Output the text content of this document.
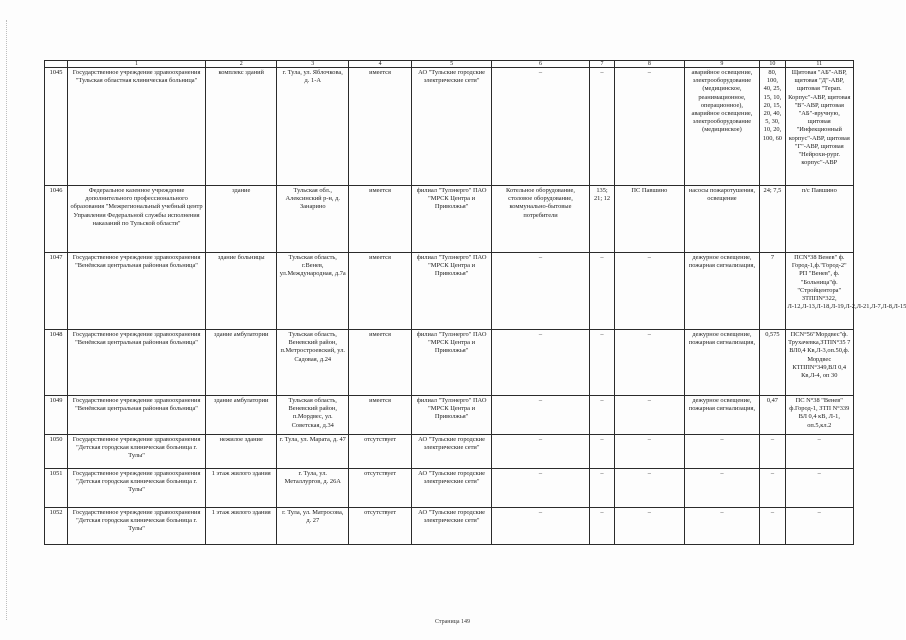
	1	2	3	4	5	6	7	8	9	10	11
1045	Государственное учреждение здравоохранения "Тульская областная клиническая больница"	комплекс зданий	г. Тула, ул. Яблочкова, д. 1-А	имеется	АО "Тульские городские электрические сети"	–	–	–	аварийное освещение, электрооборудование (медицинское, реанимационное, операционное), аварийное освещение, электрооборудование (медицинское)	80, 100, 40, 25, 15, 10, 20, 15, 20, 40, 5, 30, 10, 20, 100, 60	Щитовая "АБ"-АВР, щитовая "Д"-АВР, щитовая "Терап. Корпус"-АВР, щитовая "В"-АВР, щитовая "АБ"-вручную, щитовая "Инфекционный корпус"-АВР, щитовая "Г"-АВР, щитовая "Нейрохи-рург. корпус"-АВР
1046	Федеральное казенное учреждение дополнительного профессионального образования "Межрегиональный учебный центр Управления Федеральной службы исполнения наказаний по Тульской области"	здание	Тульская обл., Алексинский р-н, д. Занарино	имеется	филиал "Тулэнерго" ПАО "МРСК Центра и Приволжья"	Котельное оборудование, столовое оборудование, коммунально-бытовые потребители	135; 21; 12	ПС Павшино	насосы пожаротушения, освещение	24; 7,5	п/с Павшино
1047	Государственное учреждение здравоохранения "Венёвская центральная районная больница"	здание больницы	Тульская область, г.Венев, ул.Международная, д.7а	имеется	филиал "Тулэнерго" ПАО "МРСК Центра и Приволжья"	–	–	–	дежурное освещение, пожарная сигнализация,	7	ПСN°38 Венев" ф. Город-1,ф."Город-2" РП "Венев", ф. "Больница"ф. "Стройцентора" ЗТППN°322, Л-12,Л-13,Л-18,Л-19,Л-2,Л-21,Л-7,Л-8,Л-15
1048	Государственное учреждение здравоохранения "Венёвская центральная районная больница"	здание амбулатории	Тульская область, Веневский район, п.Метростроевский, ул. Садовая, д.24	имеется	филиал "Тулэнерго" ПАО "МРСК Центра и Приволжья"	–	–	–	дежурное освещение, пожарная сигнализация,	0,575	ПСN°56"Мордвес"ф. Трухачевка,ЗТПN°35 7 ВЛ0,4 Кв,Л-3,оп.50,ф. Мордвес КТППN°349,ВЛ 0,4 Кв,Л-4, оп 30
1049	Государственное учреждение здравоохранения "Венёвская центральная районная больница"	здание амбулатории	Тульская область, Веневский район, п.Мордвес, ул. Советская, д.34	имеется	филиал "Тулэнерго" ПАО "МРСК Центра и Приволжья"	–	–	–	дежурное освещение, пожарная сигнализация,	0,47	ПС N°38 "Венев" ф.Город-1, ЗТП N°339 ВЛ 0,4 кВ, Л-1, оп.5,кл.2
1050	Государственное учреждение здравоохранения "Детская городская клиническая больница г. Тулы"	нежилое здание	г. Тула, ул. Марата, д. 47	отсутствует	АО "Тульские городские электрические сети"	–	–	–	–	–	–
1051	Государственное учреждение здравоохранения "Детская городская клиническая больница г. Тулы"	1 этаж жилого здания	г. Тула, ул. Металлургов, д. 26А	отсутствует	АО "Тульские городские электрические сети"	–	–	–	–	–	–
1052	Государственное учреждение здравоохранения "Детская городская клиническая больница г. Тулы"	1 этаж жилого здания	г. Тула, ул. Матросова, д. 27	отсутствует	АО "Тульские городские электрические сети"	–	–	–	–	–	–
Страница 149
